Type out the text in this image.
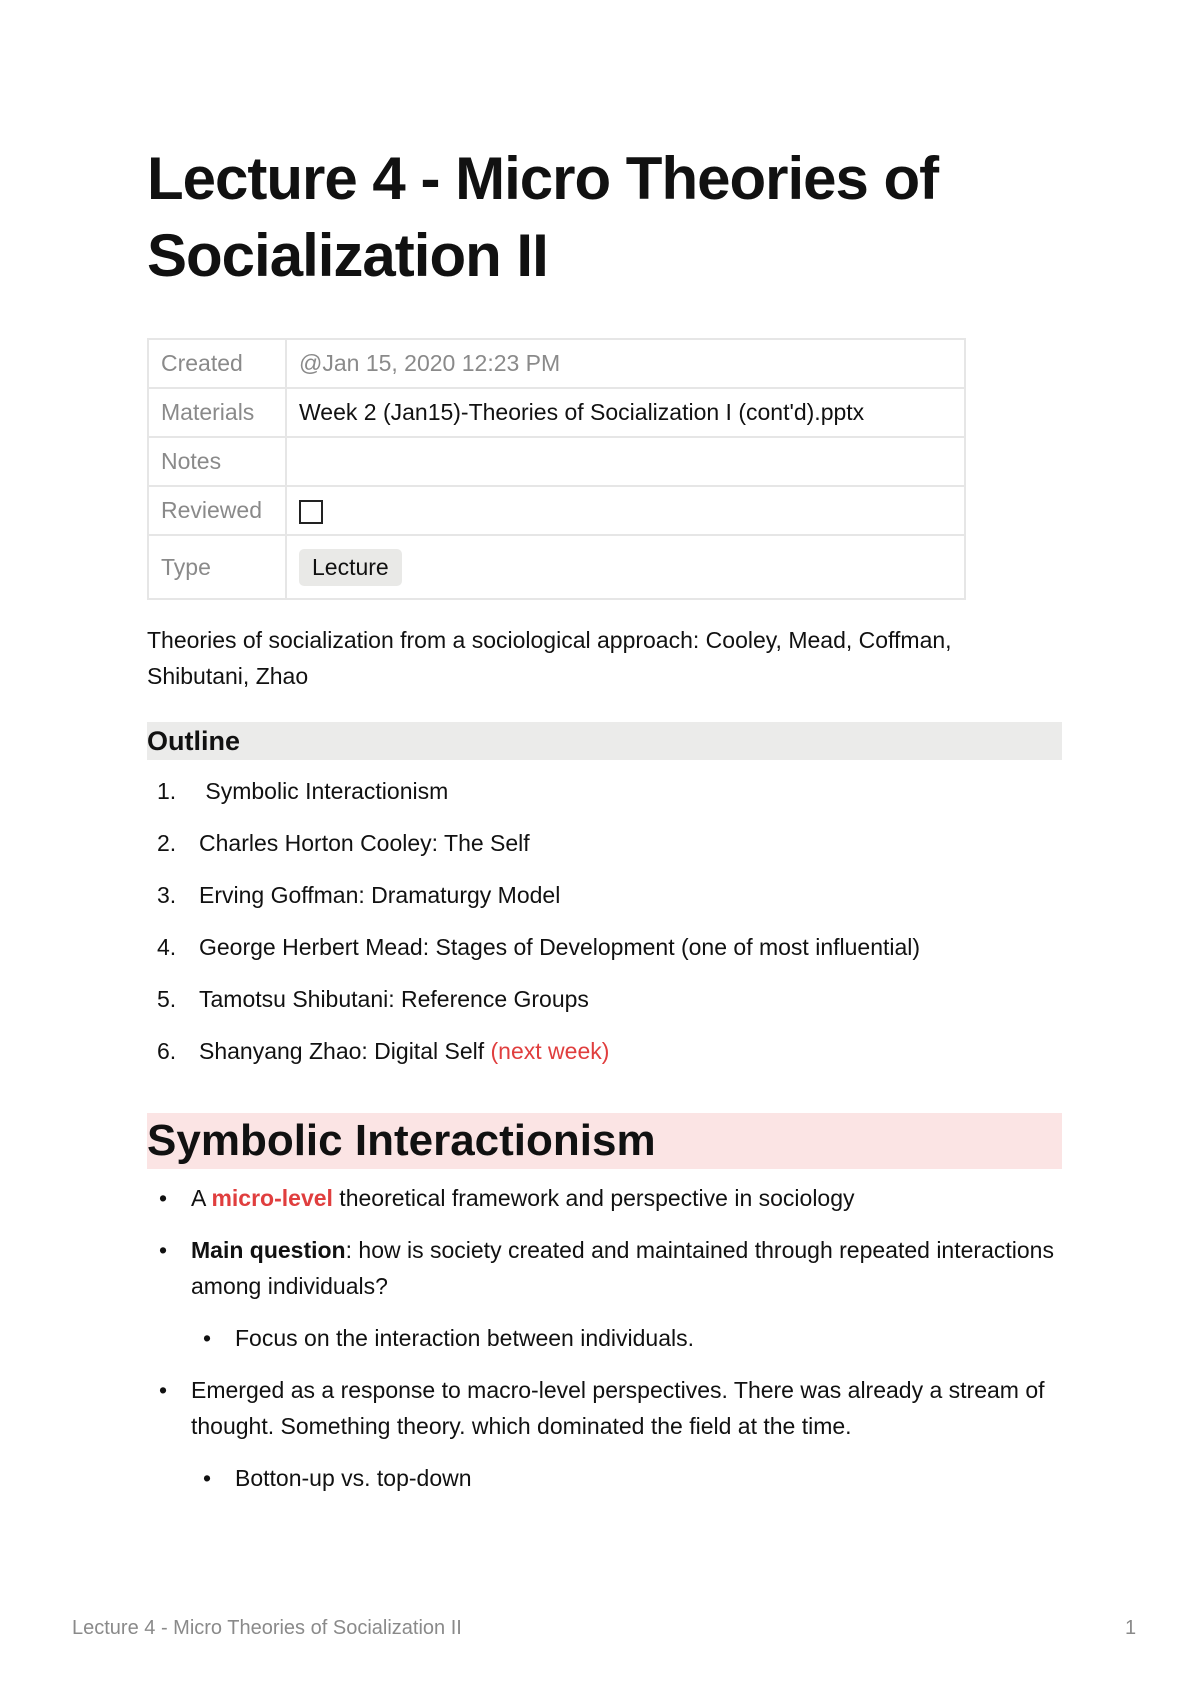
Lecture 4 - Micro Theories of Socialization II
Created	@Jan 15, 2020 12:23 PM
Materials	Week 2 (Jan15)-Theories of Socialization I (cont'd).pptx
Notes	
Reviewed	
Type	Lecture

Theories of socialization from a sociological approach: Cooley, Mead, Coffman, Shibutani, Zhao

Outline
1. Symbolic Interactionism
2. Charles Horton Cooley: The Self
3. Erving Goffman: Dramaturgy Model
4. George Herbert Mead: Stages of Development (one of most influential)
5. Tamotsu Shibutani: Reference Groups
6. Shanyang Zhao: Digital Self (next week)
Symbolic Interactionism
• A micro-level theoretical framework and perspective in sociology
• Main question: how is society created and maintained through repeated interactions among individuals?
• Focus on the interaction between individuals.
• Emerged as a response to macro-level perspectives. There was already a stream of thought. Something theory. which dominated the field at the time.
• Botton-up vs. top-down
Lecture 4 - Micro Theories of Socialization II	1
